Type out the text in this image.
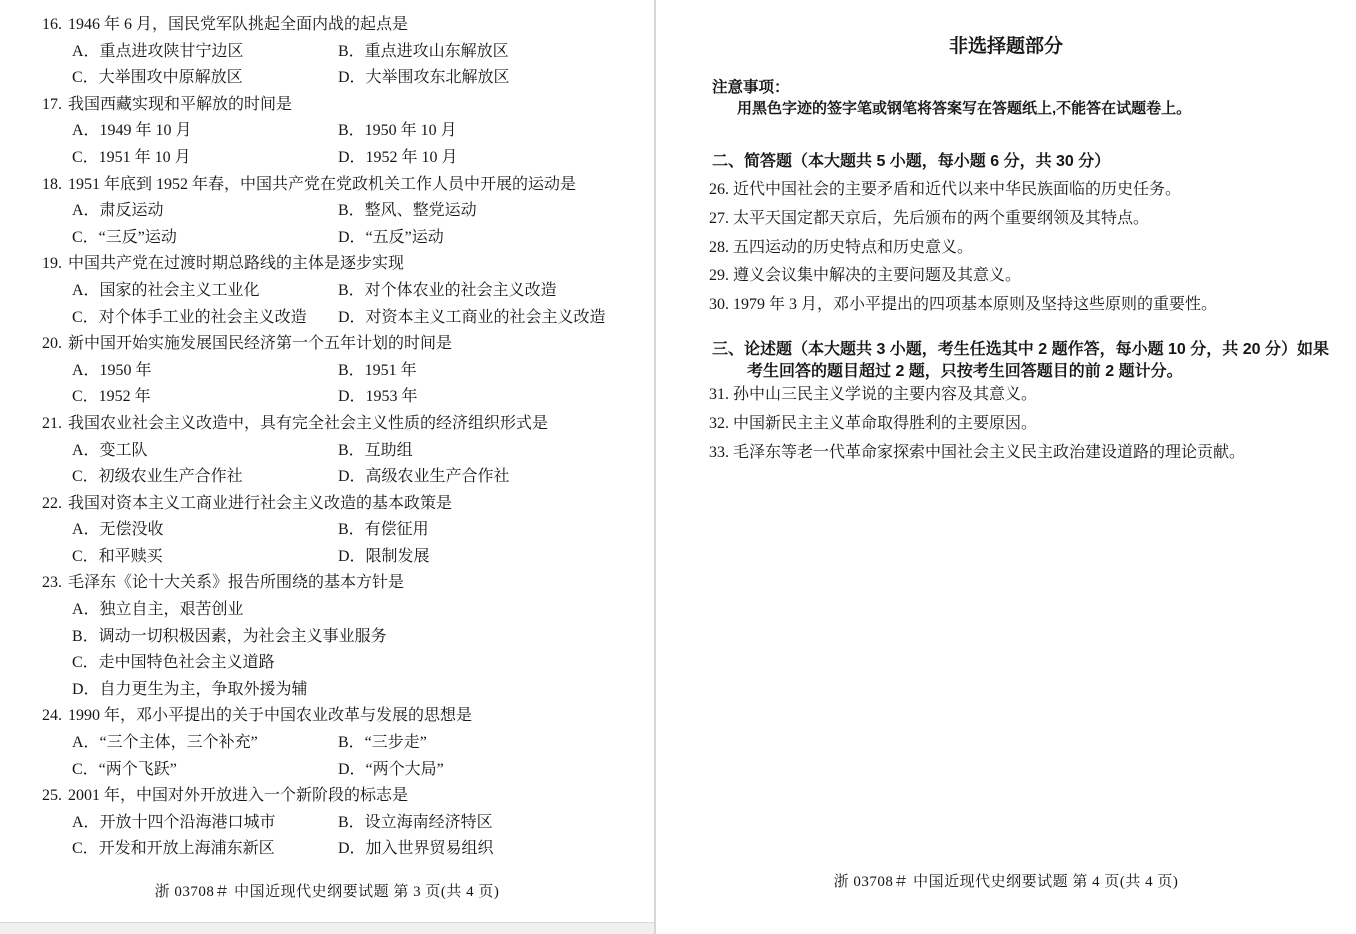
16. 1946 年 6 月，国民党军队挑起全面内战的起点是
A．重点进攻陕甘宁边区	B．重点进攻山东解放区
C．大举围攻中原解放区	D．大举围攻东北解放区
17. 我国西藏实现和平解放的时间是
A．1949 年 10 月	B．1950 年 10 月
C．1951 年 10 月	D．1952 年 10 月
18. 1951 年底到 1952 年春，中国共产党在党政机关工作人员中开展的运动是
A．肃反运动	B．整风、整党运动
C．“三反”运动	D．“五反”运动
19. 中国共产党在过渡时期总路线的主体是逐步实现
A．国家的社会主义工业化	B．对个体农业的社会主义改造
C．对个体手工业的社会主义改造 D．对资本主义工商业的社会主义改造
20. 新中国开始实施发展国民经济第一个五年计划的时间是
A．1950 年	B．1951 年
C．1952 年	D．1953 年
21. 我国农业社会主义改造中，具有完全社会主义性质的经济组织形式是
A．变工队	B．互助组
C．初级农业生产合作社	D．高级农业生产合作社
22. 我国对资本主义工商业进行社会主义改造的基本政策是
A．无偿没收	B．有偿征用
C．和平赎买	D．限制发展
23. 毛泽东《论十大关系》报告所围绕的基本方针是
A．独立自主，艰苦创业
B．调动一切积极因素，为社会主义事业服务
C．走中国特色社会主义道路
D．自力更生为主，争取外援为辅
24. 1990 年，邓小平提出的关于中国农业改革与发展的思想是
A．“三个主体，三个补充”	B．“三步走”
C．“两个飞跃”	D．“两个大局”
25. 2001 年，中国对外开放进入一个新阶段的标志是
A．开放十四个沿海港口城市	B．设立海南经济特区
C．开发和开放上海浦东新区	D．加入世界贸易组织
浙 03708＃ 中国近现代史纲要试题 第 3 页(共 4 页)
非选择题部分
注意事项：
用黑色字迹的签字笔或钢笔将答案写在答题纸上,不能答在试题卷上。
二、简答题（本大题共 5 小题，每小题 6 分，共 30 分）
26. 近代中国社会的主要矛盾和近代以来中华民族面临的历史任务。
27. 太平天国定都天京后，先后颁布的两个重要纲领及其特点。
28. 五四运动的历史特点和历史意义。
29. 遵义会议集中解决的主要问题及其意义。
30. 1979 年 3 月，邓小平提出的四项基本原则及坚持这些原则的重要性。
三、论述题（本大题共 3 小题，考生任选其中 2 题作答，每小题 10 分，共 20 分）如果
考生回答的题目超过 2 题，只按考生回答题目的前 2 题计分。
31. 孙中山三民主义学说的主要内容及其意义。
32. 中国新民主主义革命取得胜利的主要原因。
33. 毛泽东等老一代革命家探索中国社会主义民主政治建设道路的理论贡献。
浙 03708＃ 中国近现代史纲要试题 第 4 页(共 4 页)
